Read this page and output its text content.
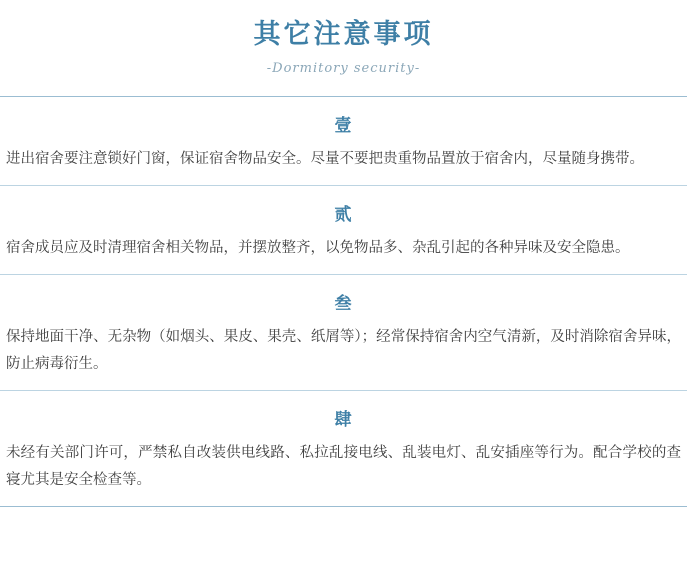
其它注意事项
-Dormitory security-
壹
进出宿舍要注意锁好门窗，保证宿舍物品安全。尽量不要把贵重物品置放于宿舍内，尽量随身携带。
贰
宿舍成员应及时清理宿舍相关物品，并摆放整齐，以免物品多、杂乱引起的各种异味及安全隐患。
叁
保持地面干净、无杂物（如烟头、果皮、果壳、纸屑等）；经常保持宿舍内空气清新，及时消除宿舍异味，防止病毒衍生。
肆
未经有关部门许可，严禁私自改装供电线路、私拉乱接电线、乱装电灯、乱安插座等行为。配合学校的查寝尤其是安全检查等。
